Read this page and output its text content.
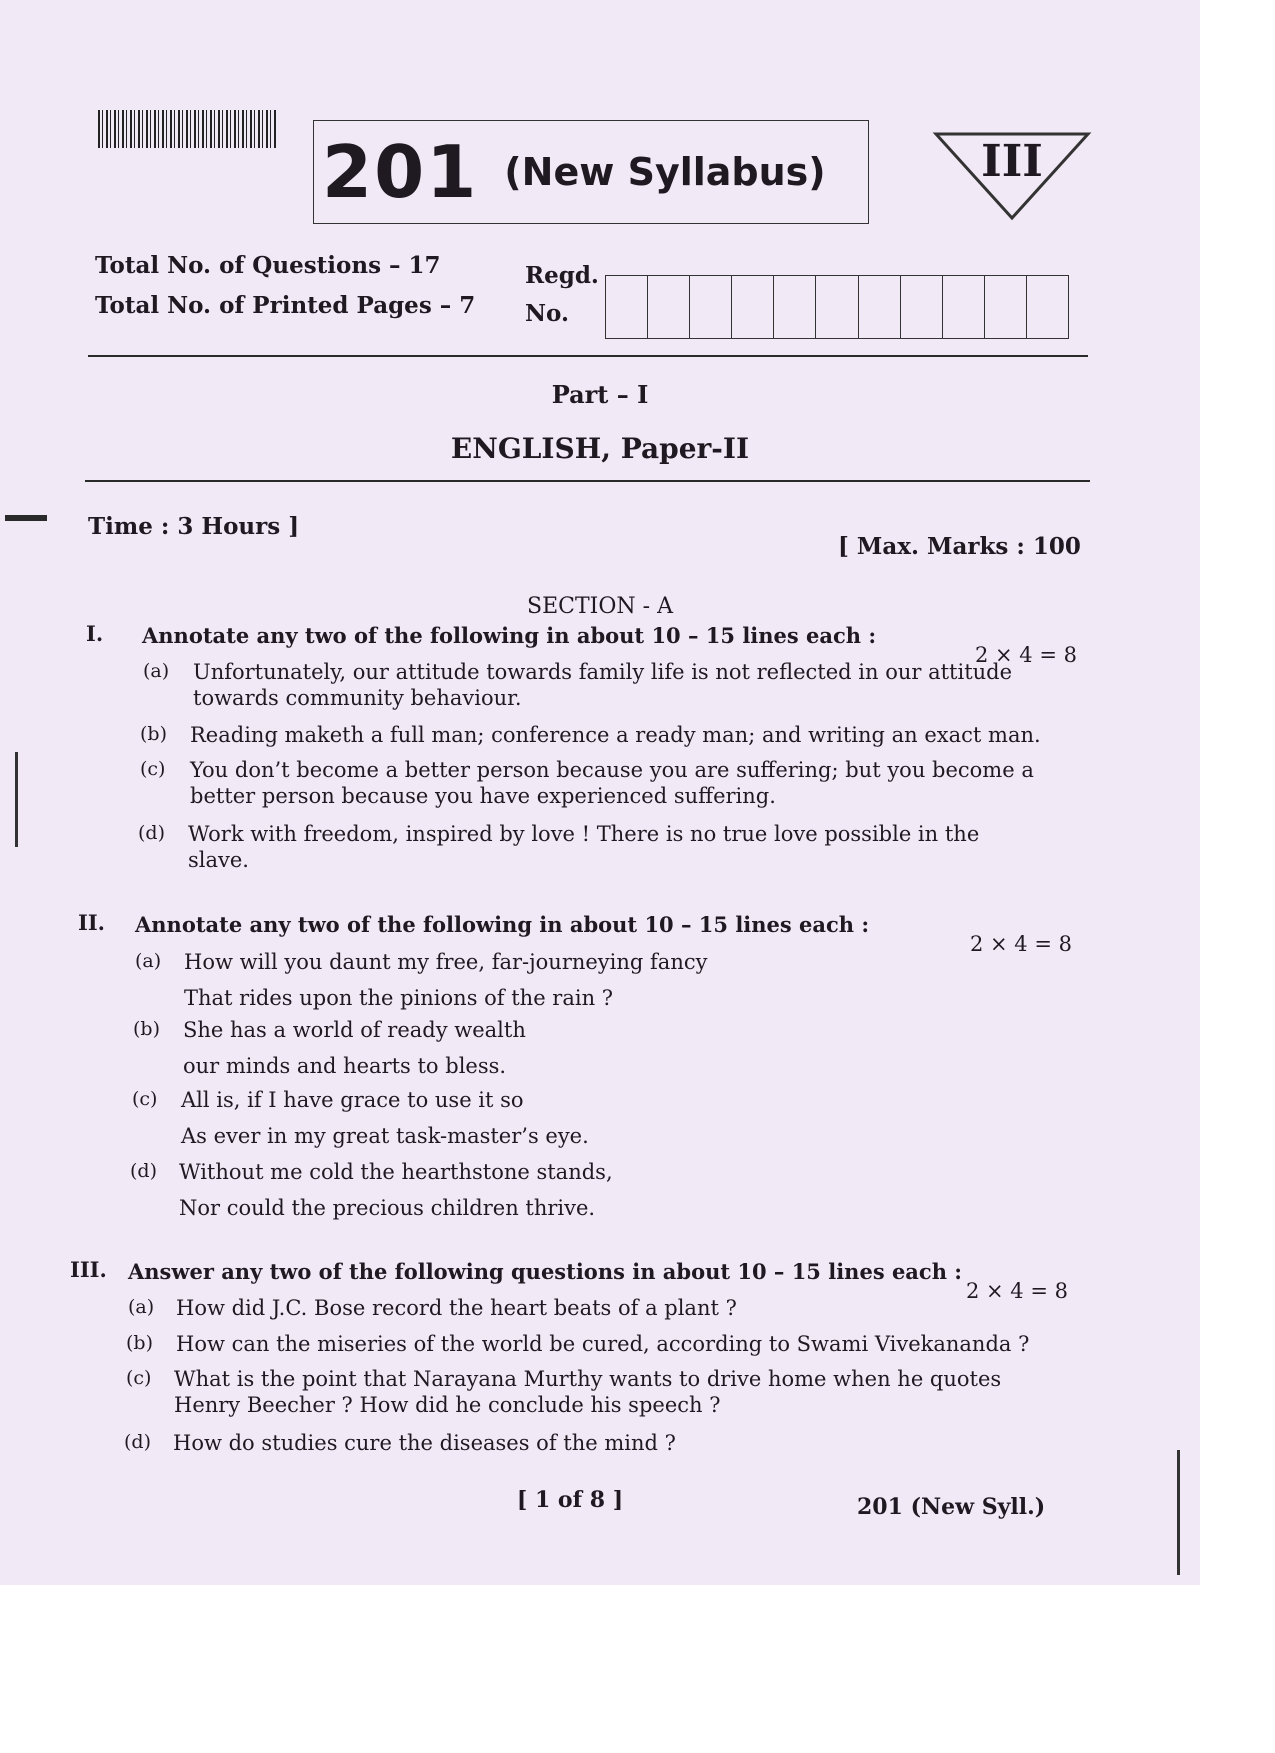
201 (New Syllabus)	III
Total No. of Questions – 17
Total No. of Printed Pages – 7
Regd.
No.
Part – I
ENGLISH, Paper-II
Time : 3 Hours ]
[ Max. Marks : 100
SECTION - A
I. Annotate any two of the following in about 10 – 15 lines each :
2 × 4 = 8
(a) Unfortunately, our attitude towards family life is not reflected in our attitude
towards community behaviour.
(b) Reading maketh a full man; conference a ready man; and writing an exact man.
(c) You don’t become a better person because you are suffering; but you become a
better person because you have experienced suffering.
(d) Work with freedom, inspired by love ! There is no true love possible in the
slave.
II. Annotate any two of the following in about 10 – 15 lines each :
2 × 4 = 8
(a) How will you daunt my free, far-journeying fancy
That rides upon the pinions of the rain ?
(b) She has a world of ready wealth
our minds and hearts to bless.
(c) All is, if I have grace to use it so
As ever in my great task-master’s eye.
(d) Without me cold the hearthstone stands,
Nor could the precious children thrive.
III. Answer any two of the following questions in about 10 – 15 lines each :
2 × 4 = 8
(a) How did J.C. Bose record the heart beats of a plant ?
(b) How can the miseries of the world be cured, according to Swami Vivekananda ?
(c) What is the point that Narayana Murthy wants to drive home when he quotes
Henry Beecher ? How did he conclude his speech ?
(d) How do studies cure the diseases of the mind ?
[ 1 of 8 ]	201 (New Syll.)
